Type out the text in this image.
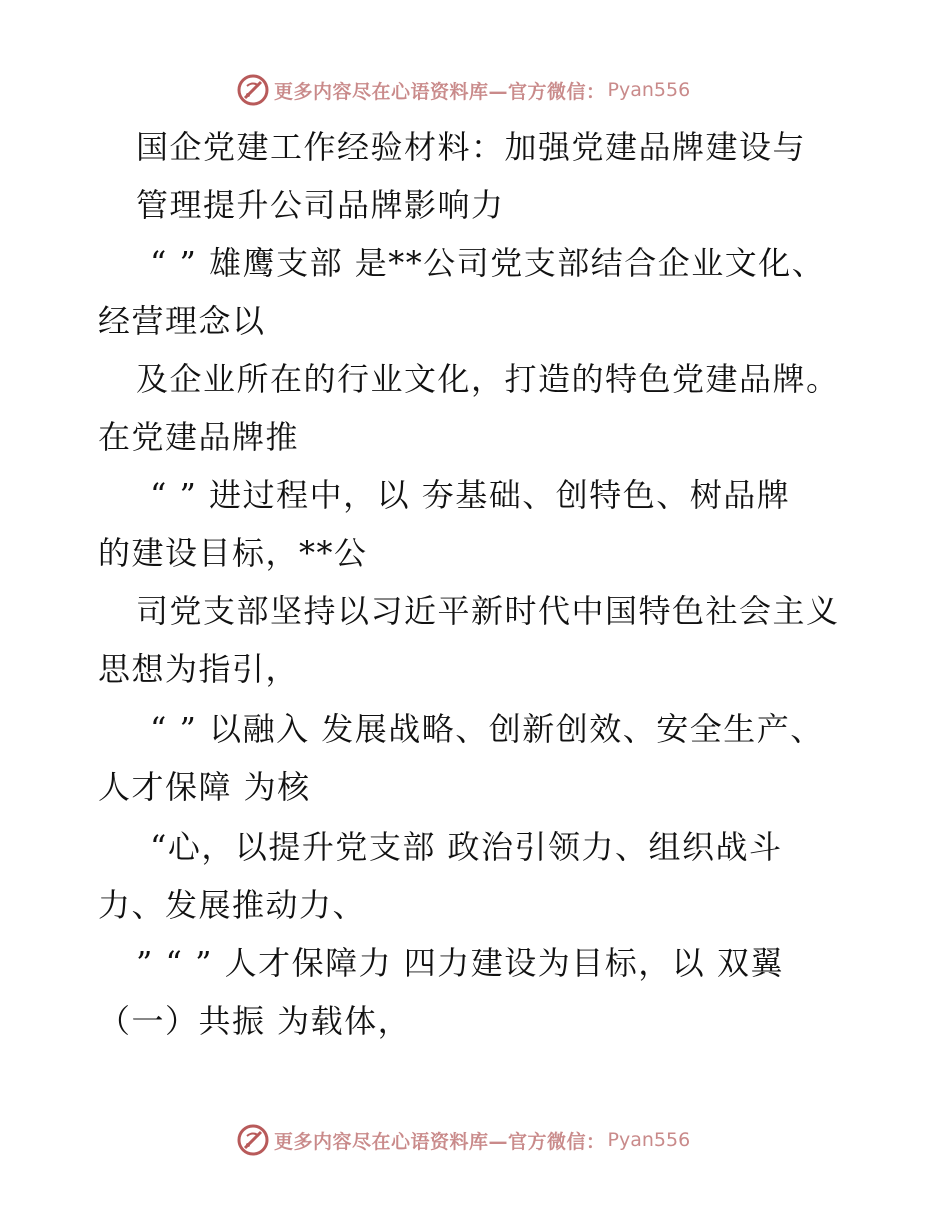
更多内容尽在心语资料库—官方微信： Pyan556
国企党建工作经验材料：加强党建品牌建设与
管理提升公司品牌影响力
“ ” 雄鹰支部 是**公司党支部结合企业文化、
经营理念以
及企业所在的行业文化，打造的特色党建品牌。
在党建品牌推
“ ” 进过程中，以 夯基础、创特色、树品牌
的建设目标，**公
司党支部坚持以习近平新时代中国特色社会主义
思想为指引，
“ ” 以融入 发展战略、创新创效、安全生产、
人才保障 为核
“心，以提升党支部 政治引领力、组织战斗
力、发展推动力、
” “ ” 人才保障力 四力建设为目标，以 双翼
（一）共振 为载体，
更多内容尽在心语资料库—官方微信： Pyan556
